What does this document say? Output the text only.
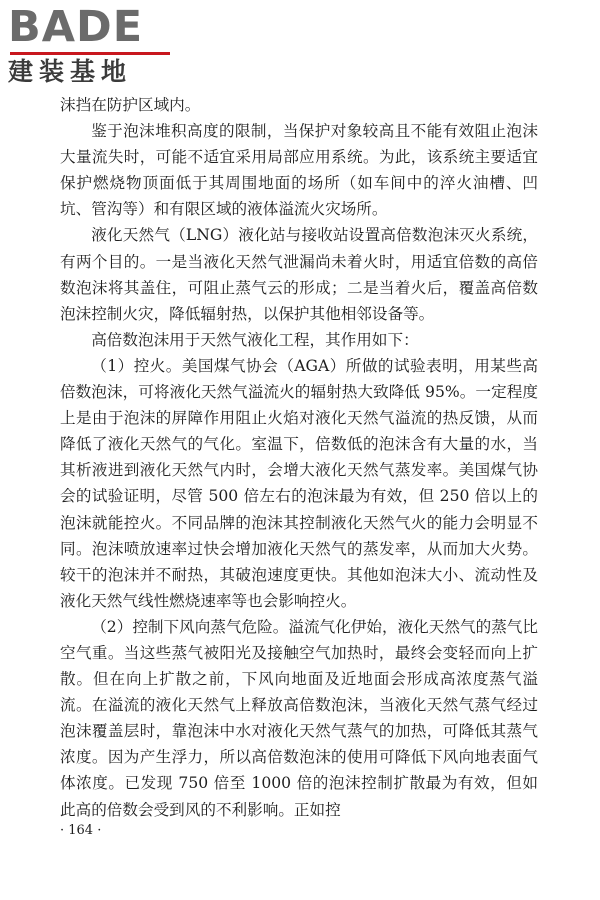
BADE
建装基地

沫挡在防护区域内。

鉴于泡沫堆积高度的限制，当保护对象较高且不能有效阻止泡沫大量流失时，可能不适宜采用局部应用系统。为此，该系统主要适宜保护燃烧物顶面低于其周围地面的场所（如车间中的淬火油槽、凹坑、管沟等）和有限区域的液体溢流火灾场所。

液化天然气（LNG）液化站与接收站设置高倍数泡沫灭火系统，有两个目的。一是当液化天然气泄漏尚未着火时，用适宜倍数的高倍数泡沫将其盖住，可阻止蒸气云的形成；二是当着火后，覆盖高倍数泡沫控制火灾，降低辐射热，以保护其他相邻设备等。

高倍数泡沫用于天然气液化工程，其作用如下：

（1）控火。美国煤气协会（AGA）所做的试验表明，用某些高倍数泡沫，可将液化天然气溢流火的辐射热大致降低 95%。一定程度上是由于泡沫的屏障作用阻止火焰对液化天然气溢流的热反馈，从而降低了液化天然气的气化。室温下，倍数低的泡沫含有大量的水，当其析液进到液化天然气内时，会增大液化天然气蒸发率。美国煤气协会的试验证明，尽管 500 倍左右的泡沫最为有效，但 250 倍以上的泡沫就能控火。不同品牌的泡沫其控制液化天然气火的能力会明显不同。泡沫喷放速率过快会增加液化天然气的蒸发率，从而加大火势。较干的泡沫并不耐热，其破泡速度更快。其他如泡沫大小、流动性及液化天然气线性燃烧速率等也会影响控火。

（2）控制下风向蒸气危险。溢流气化伊始，液化天然气的蒸气比空气重。当这些蒸气被阳光及接触空气加热时，最终会变轻而向上扩散。但在向上扩散之前，下风向地面及近地面会形成高浓度蒸气溢流。在溢流的液化天然气上释放高倍数泡沫，当液化天然气蒸气经过泡沫覆盖层时，靠泡沫中水对液化天然气蒸气的加热，可降低其蒸气浓度。因为产生浮力，所以高倍数泡沫的使用可降低下风向地表面气体浓度。已发现 750 倍至 1000 倍的泡沫控制扩散最为有效，但如此高的倍数会受到风的不利影响。正如控

· 164 ·
